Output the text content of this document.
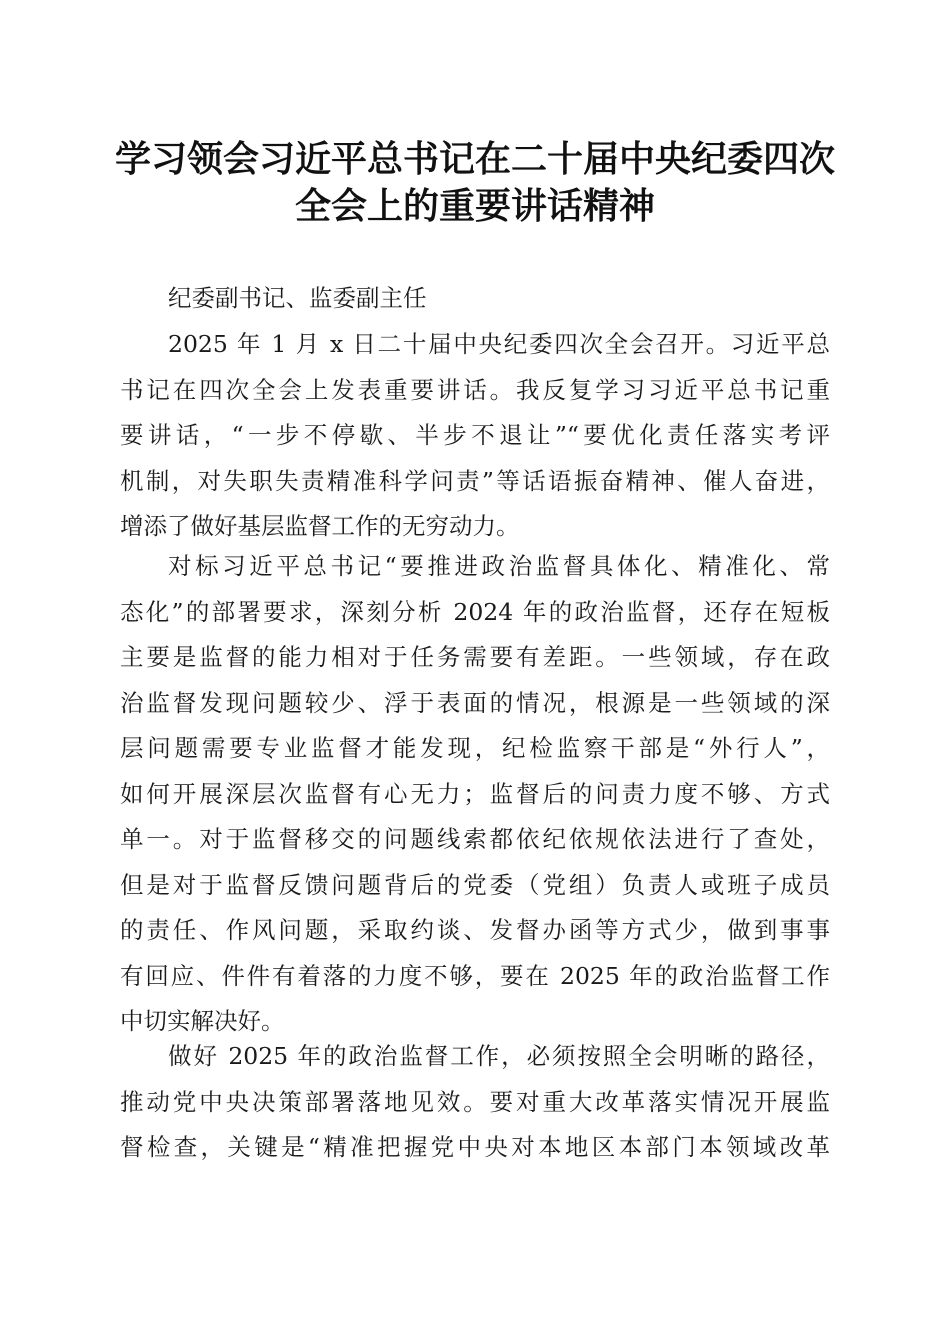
学习领会习近平总书记在二十届中央纪委四次
全会上的重要讲话精神
纪委副书记、监委副主任
2025 年 1 月 x 日二十届中央纪委四次全会召开。习近平总
书记在四次全会上发表重要讲话。我反复学习习近平总书记重
要讲话，“一步不停歇、半步不退让”“要优化责任落实考评
机制，对失职失责精准科学问责”等话语振奋精神、催人奋进，
增添了做好基层监督工作的无穷动力。
对标习近平总书记“要推进政治监督具体化、精准化、常
态化”的部署要求，深刻分析 2024 年的政治监督，还存在短板
主要是监督的能力相对于任务需要有差距。一些领域，存在政
治监督发现问题较少、浮于表面的情况，根源是一些领域的深
层问题需要专业监督才能发现，纪检监察干部是“外行人”，
如何开展深层次监督有心无力；监督后的问责力度不够、方式
单一。对于监督移交的问题线索都依纪依规依法进行了查处，
但是对于监督反馈问题背后的党委（党组）负责人或班子成员
的责任、作风问题，采取约谈、发督办函等方式少，做到事事
有回应、件件有着落的力度不够，要在 2025 年的政治监督工作
中切实解决好。
做好 2025 年的政治监督工作，必须按照全会明晰的路径，
推动党中央决策部署落地见效。要对重大改革落实情况开展监
督检查，关键是“精准把握党中央对本地区本部门本领域改革
